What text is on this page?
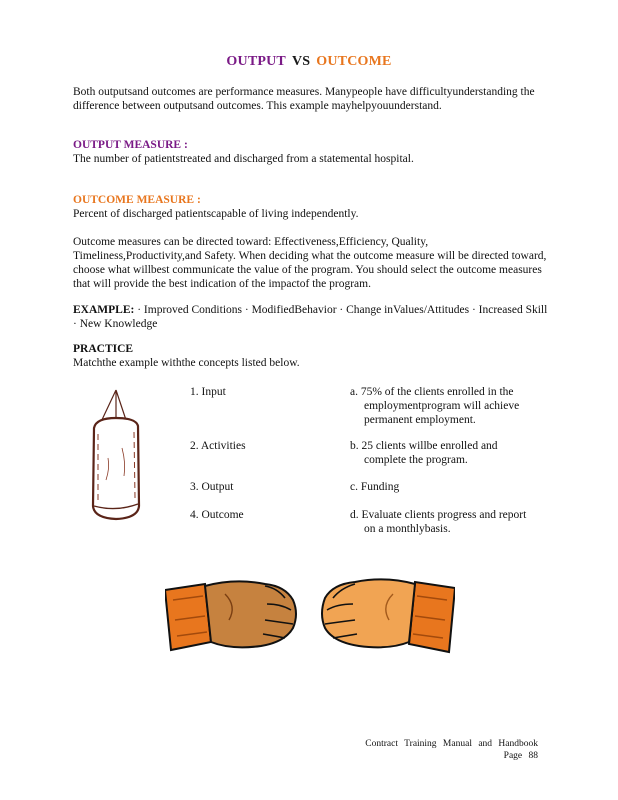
OUTPUT VS OUTCOME
Both outputsand outcomes are performance measures. Manypeople have difficultyunderstanding the difference between outputsand outcomes. This example mayhelpyouunderstand.
OUTPUT MEASURE :
The number of patientstreated and discharged from a statemental hospital.
OUTCOME MEASURE :
Percent of discharged patientscapable of living independently.
Outcome measures can be directed toward: Effectiveness,Efficiency, Quality, Timeliness,Productivity,and Safety. When deciding what the outcome measure will be directed toward, choose what willbest communicate the value of the program. You should select the outcome measures that will provide the best indication of the impactof the program.
EXAMPLE: · Improved Conditions · ModifiedBehavior · Change inValues/Attitudes · Increased Skill · New Knowledge
PRACTICE
Matchthe example withthe concepts listed below.
1. Input
2. Activities
3. Output
4. Outcome
a. 75% of the clients enrolled in the employmentprogram will achieve permanent employment.
b. 25 clients willbe enrolled and complete the program.
c. Funding
d. Evaluate clients progress and report on a monthlybasis.
Contract Training Manual and Handbook
Page 88
